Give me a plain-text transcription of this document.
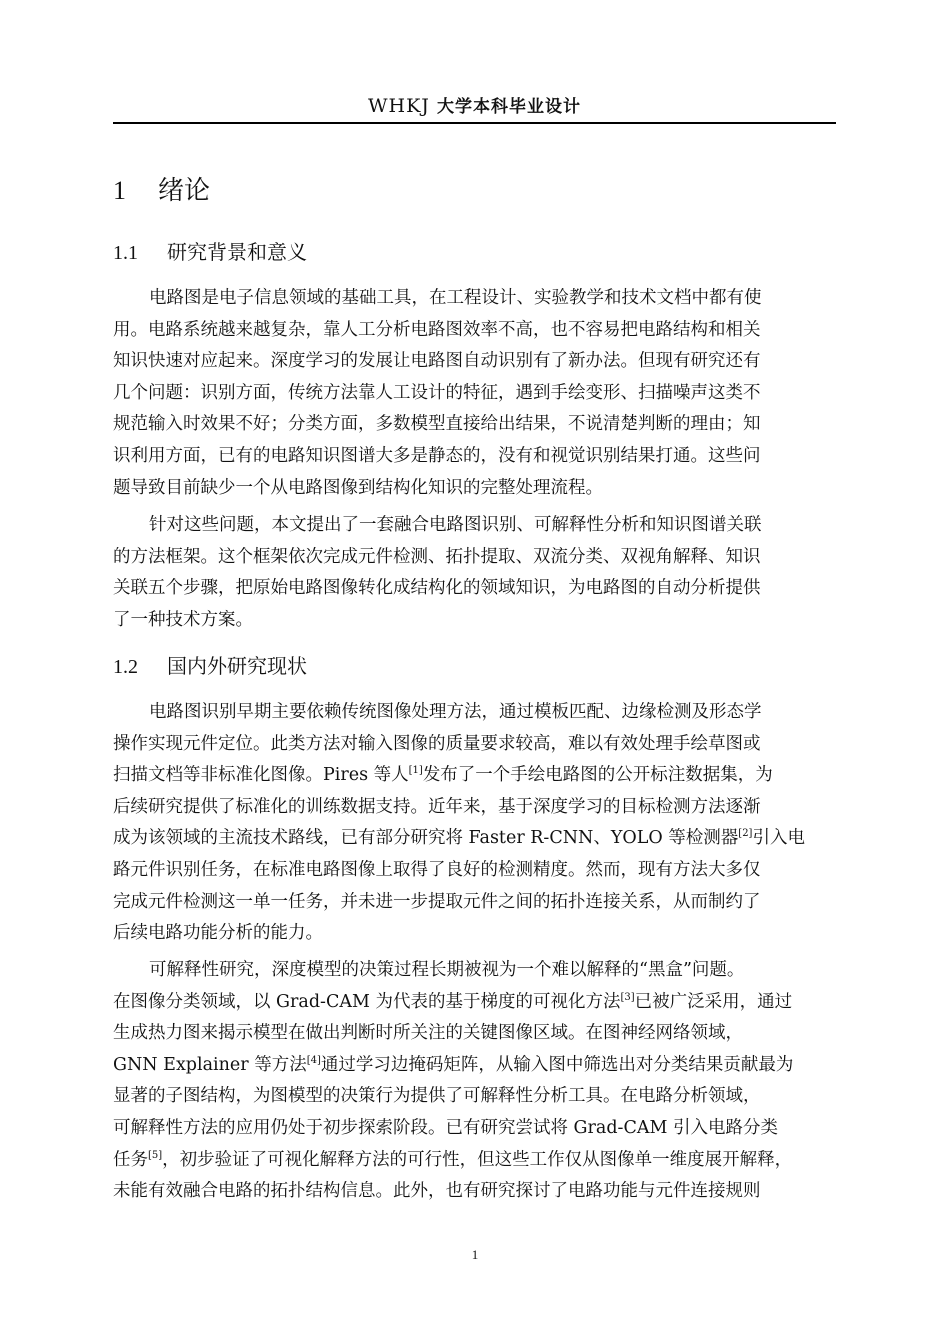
WHKJ 大学本科毕业设计
1 绪论
1.1 研究背景和意义
电路图是电子信息领域的基础工具，在工程设计、实验教学和技术文档中都有使
用。电路系统越来越复杂，靠人工分析电路图效率不高，也不容易把电路结构和相关
知识快速对应起来。深度学习的发展让电路图自动识别有了新办法。但现有研究还有
几个问题：识别方面，传统方法靠人工设计的特征，遇到手绘变形、扫描噪声这类不
规范输入时效果不好；分类方面，多数模型直接给出结果，不说清楚判断的理由；知
识利用方面，已有的电路知识图谱大多是静态的，没有和视觉识别结果打通。这些问
题导致目前缺少一个从电路图像到结构化知识的完整处理流程。
针对这些问题，本文提出了一套融合电路图识别、可解释性分析和知识图谱关联
的方法框架。这个框架依次完成元件检测、拓扑提取、双流分类、双视角解释、知识
关联五个步骤，把原始电路图像转化成结构化的领域知识，为电路图的自动分析提供
了一种技术方案。
1.2 国内外研究现状
电路图识别早期主要依赖传统图像处理方法，通过模板匹配、边缘检测及形态学
操作实现元件定位。此类方法对输入图像的质量要求较高，难以有效处理手绘草图或
扫描文档等非标准化图像。Pires 等人[1]发布了一个手绘电路图的公开标注数据集，为
后续研究提供了标准化的训练数据支持。近年来，基于深度学习的目标检测方法逐渐
成为该领域的主流技术路线，已有部分研究将 Faster R-CNN、YOLO 等检测器[2]引入电
路元件识别任务，在标准电路图像上取得了良好的检测精度。然而，现有方法大多仅
完成元件检测这一单一任务，并未进一步提取元件之间的拓扑连接关系，从而制约了
后续电路功能分析的能力。
可解释性研究，深度模型的决策过程长期被视为一个难以解释的“黑盒”问题。
在图像分类领域，以 Grad-CAM 为代表的基于梯度的可视化方法[3]已被广泛采用，通过
生成热力图来揭示模型在做出判断时所关注的关键图像区域。在图神经网络领域，
GNN Explainer 等方法[4]通过学习边掩码矩阵，从输入图中筛选出对分类结果贡献最为
显著的子图结构，为图模型的决策行为提供了可解释性分析工具。在电路分析领域，
可解释性方法的应用仍处于初步探索阶段。已有研究尝试将 Grad-CAM 引入电路分类
任务[5]，初步验证了可视化解释方法的可行性，但这些工作仅从图像单一维度展开解释，
未能有效融合电路的拓扑结构信息。此外，也有研究探讨了电路功能与元件连接规则
1
